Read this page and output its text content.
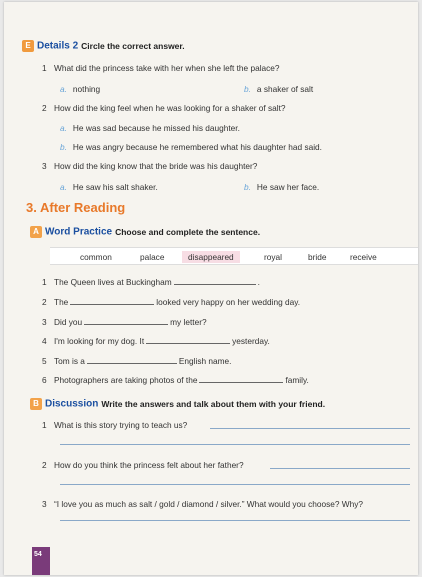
E Details 2 Circle the correct answer.
1 What did the princess take with her when she left the palace?
a. nothing	b. a shaker of salt
2 How did the king feel when he was looking for a shaker of salt?
a. He was sad because he missed his daughter.
b. He was angry because he remembered what his daughter had said.
3 How did the king know that the bride was his daughter?
a. He saw his salt shaker.	b. He saw her face.
3. After Reading
A Word Practice Choose and complete the sentence.
common	palace	disappeared	royal	bride	receive
1 The Queen lives at Buckingham	.
2 The	looked very happy on her wedding day.
3 Did you	my letter?
4 I'm looking for my dog. It	yesterday.
5 Tom is a	English name.
6 Photographers are taking photos of the	family.
B Discussion Write the answers and talk about them with your friend.
1 What is this story trying to teach us?
2 How do you think the princess felt about her father?
3 “I love you as much as salt / gold / diamond / silver.” What would you choose? Why?
54
